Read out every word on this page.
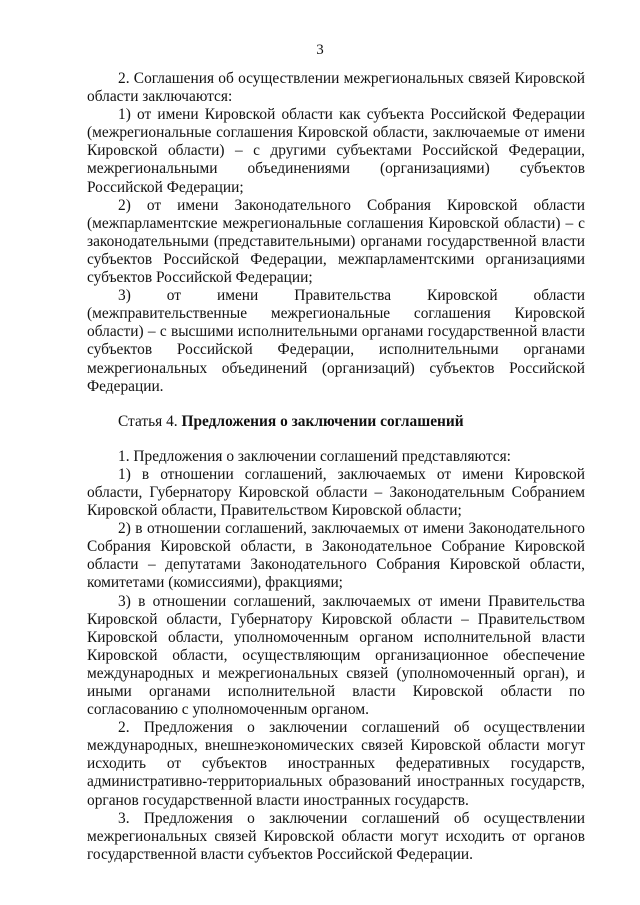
3

2. Соглашения об осуществлении межрегиональных связей Кировской области заключаются:

1) от имени Кировской области как субъекта Российской Федерации (межрегиональные соглашения Кировской области, заключаемые от имени Кировской области) – с другими субъектами Российской Федерации, межрегиональными объединениями (организациями) субъектов Российской Федерации;

2) от имени Законодательного Собрания Кировской области (межпарламентские межрегиональные соглашения Кировской области) – с законодательными (представительными) органами государственной власти субъектов Российской Федерации, межпарламентскими организациями субъектов Российской Федерации;

3) от имени Правительства Кировской области (межправительственные межрегиональные соглашения Кировской области) – с высшими исполнительными органами государственной власти субъектов Российской Федерации, исполнительными органами межрегиональных объединений (организаций) субъектов Российской Федерации.

Статья 4. Предложения о заключении соглашений

1. Предложения о заключении соглашений представляются:

1) в отношении соглашений, заключаемых от имени Кировской области, Губернатору Кировской области – Законодательным Собранием Кировской области, Правительством Кировской области;

2) в отношении соглашений, заключаемых от имени Законодательного Собрания Кировской области, в Законодательное Собрание Кировской области – депутатами Законодательного Собрания Кировской области, комитетами (комиссиями), фракциями;

3) в отношении соглашений, заключаемых от имени Правительства Кировской области, Губернатору Кировской области – Правительством Кировской области, уполномоченным органом исполнительной власти Кировской области, осуществляющим организационное обеспечение международных и межрегиональных связей (уполномоченный орган), и иными органами исполнительной власти Кировской области по согласованию с уполномоченным органом.

2. Предложения о заключении соглашений об осуществлении международных, внешнеэкономических связей Кировской области могут исходить от субъектов иностранных федеративных государств, административно-территориальных образований иностранных государств, органов государственной власти иностранных государств.

3. Предложения о заключении соглашений об осуществлении межрегиональных связей Кировской области могут исходить от органов государственной власти субъектов Российской Федерации.
